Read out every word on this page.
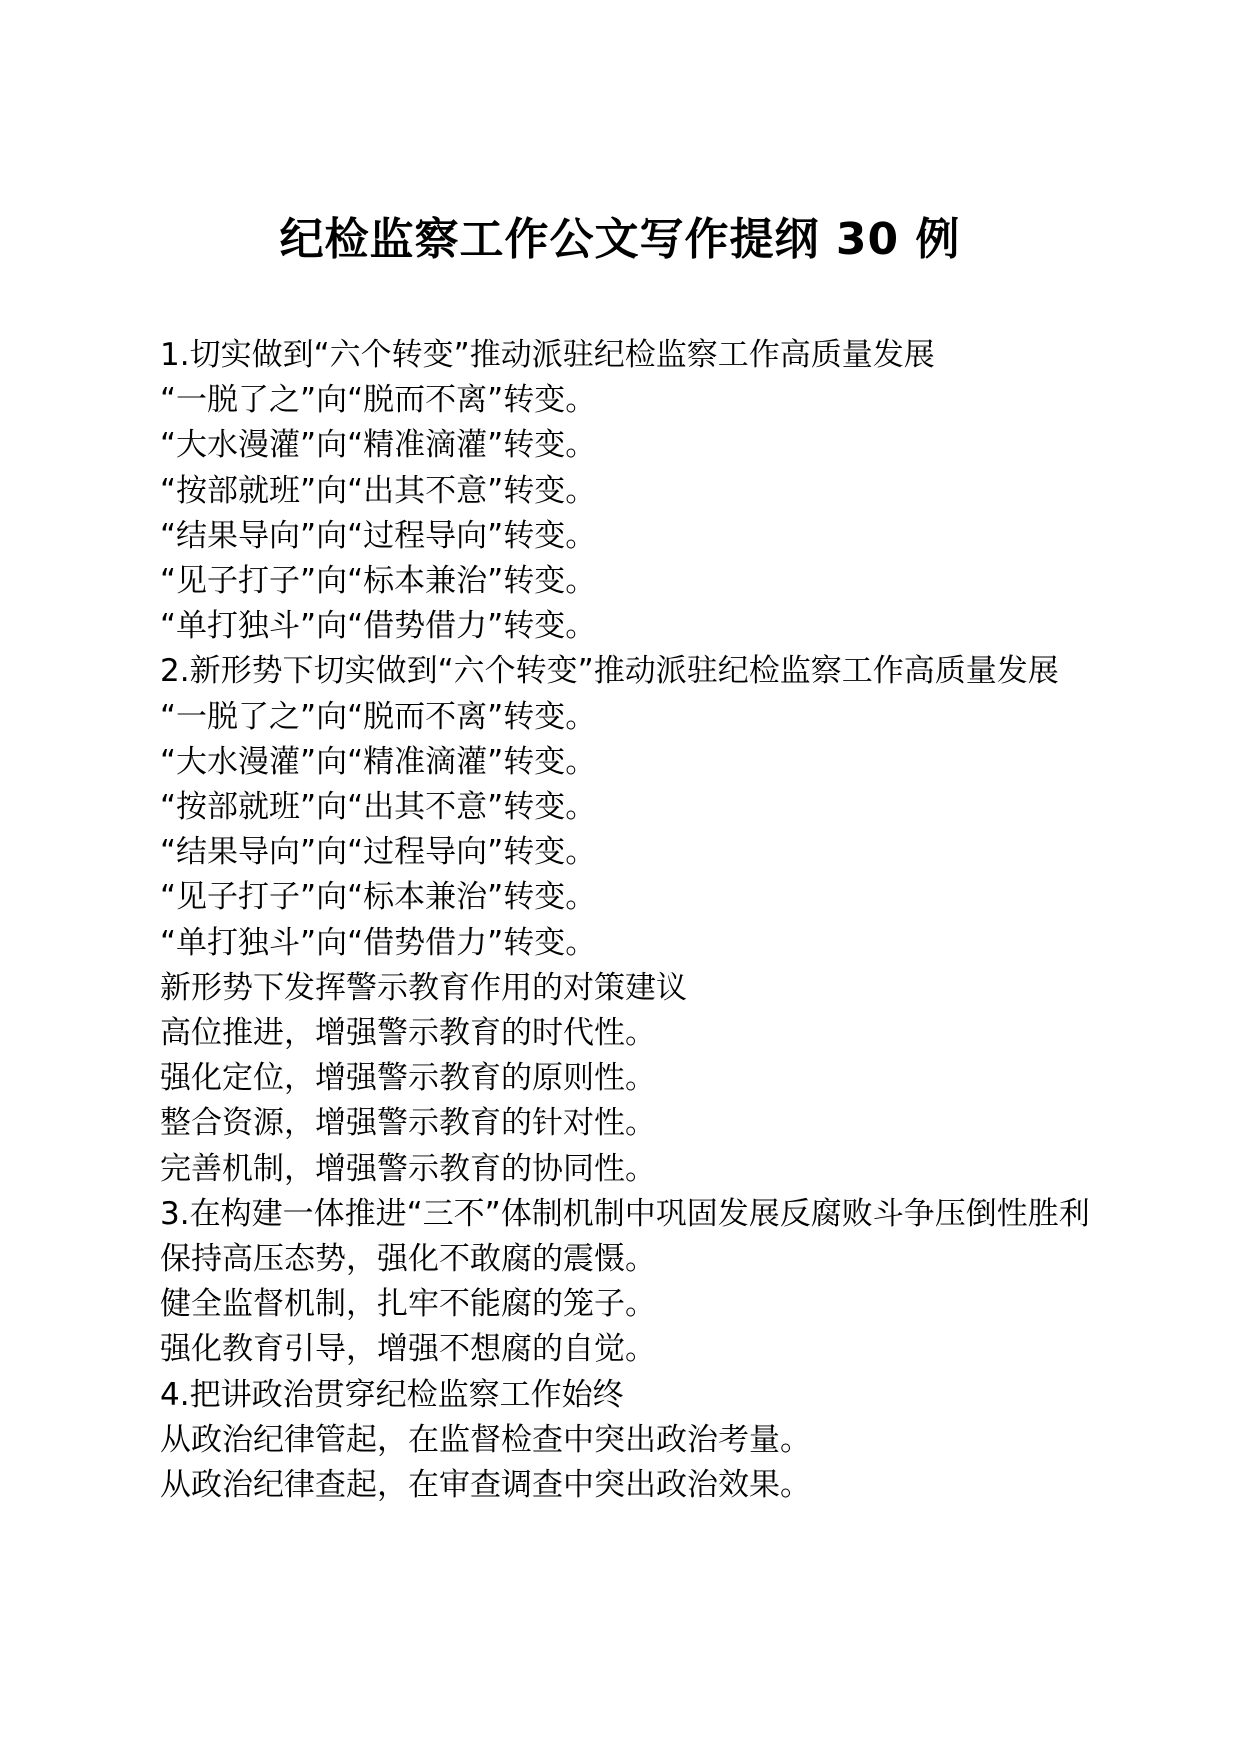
纪检监察工作公文写作提纲 30 例

1.切实做到“六个转变”推动派驻纪检监察工作高质量发展

“一脱了之”向“脱而不离”转变。

“大水漫灌”向“精准滴灌”转变。

“按部就班”向“出其不意”转变。

“结果导向”向“过程导向”转变。

“见子打子”向“标本兼治”转变。

“单打独斗”向“借势借力”转变。

2.新形势下切实做到“六个转变”推动派驻纪检监察工作高质量发展

“一脱了之”向“脱而不离”转变。

“大水漫灌”向“精准滴灌”转变。

“按部就班”向“出其不意”转变。

“结果导向”向“过程导向”转变。

“见子打子”向“标本兼治”转变。

“单打独斗”向“借势借力”转变。

新形势下发挥警示教育作用的对策建议

高位推进，增强警示教育的时代性。

强化定位，增强警示教育的原则性。

整合资源，增强警示教育的针对性。

完善机制，增强警示教育的协同性。

3.在构建一体推进“三不”体制机制中巩固发展反腐败斗争压倒性胜利

保持高压态势，强化不敢腐的震慑。

健全监督机制，扎牢不能腐的笼子。

强化教育引导，增强不想腐的自觉。

4.把讲政治贯穿纪检监察工作始终

从政治纪律管起，在监督检查中突出政治考量。

从政治纪律查起，在审查调查中突出政治效果。
